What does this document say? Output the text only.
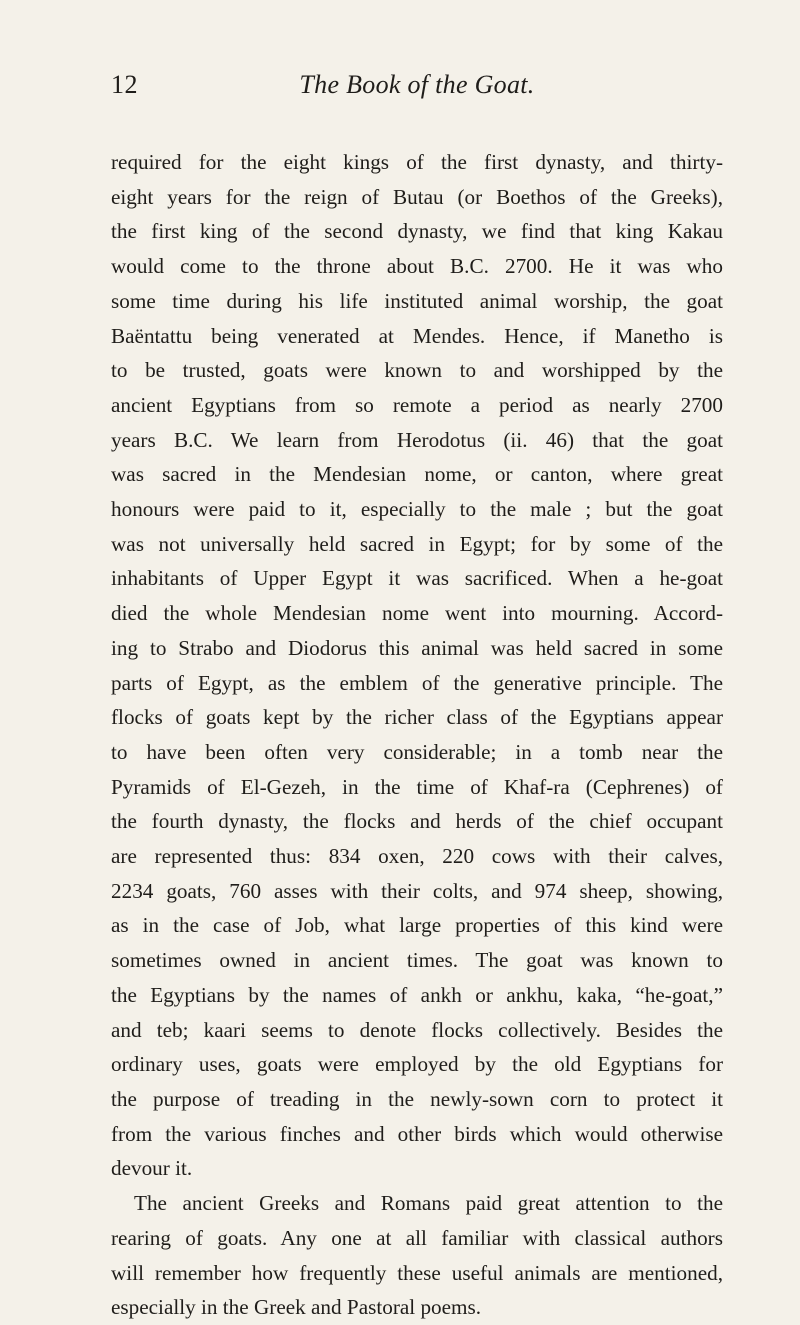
12	The Book of the Goat.

required for the eight kings of the first dynasty, and thirty-
eight years for the reign of Butau (or Boethos of the Greeks),
the first king of the second dynasty, we find that king Kakau
would come to the throne about B.C. 2700. He it was who
some time during his life instituted animal worship, the goat
Baëntattu being venerated at Mendes. Hence, if Manetho is
to be trusted, goats were known to and worshipped by the
ancient Egyptians from so remote a period as nearly 2700
years B.C. We learn from Herodotus (ii. 46) that the goat
was sacred in the Mendesian nome, or canton, where great
honours were paid to it, especially to the male ; but the goat
was not universally held sacred in Egypt; for by some of the
inhabitants of Upper Egypt it was sacrificed. When a he-goat
died the whole Mendesian nome went into mourning. Accord-
ing to Strabo and Diodorus this animal was held sacred in some
parts of Egypt, as the emblem of the generative principle. The
flocks of goats kept by the richer class of the Egyptians appear
to have been often very considerable; in a tomb near the
Pyramids of El-Gezeh, in the time of Khaf-ra (Cephrenes) of
the fourth dynasty, the flocks and herds of the chief occupant
are represented thus: 834 oxen, 220 cows with their calves,
2234 goats, 760 asses with their colts, and 974 sheep, showing,
as in the case of Job, what large properties of this kind were
sometimes owned in ancient times. The goat was known to
the Egyptians by the names of ankh or ankhu, kaka, “he-goat,”
and teb; kaari seems to denote flocks collectively. Besides the
ordinary uses, goats were employed by the old Egyptians for
the purpose of treading in the newly-sown corn to protect it
from the various finches and other birds which would otherwise
devour it.

The ancient Greeks and Romans paid great attention to the
rearing of goats. Any one at all familiar with classical authors
will remember how frequently these useful animals are mentioned,
especially in the Greek and Pastoral poems.
